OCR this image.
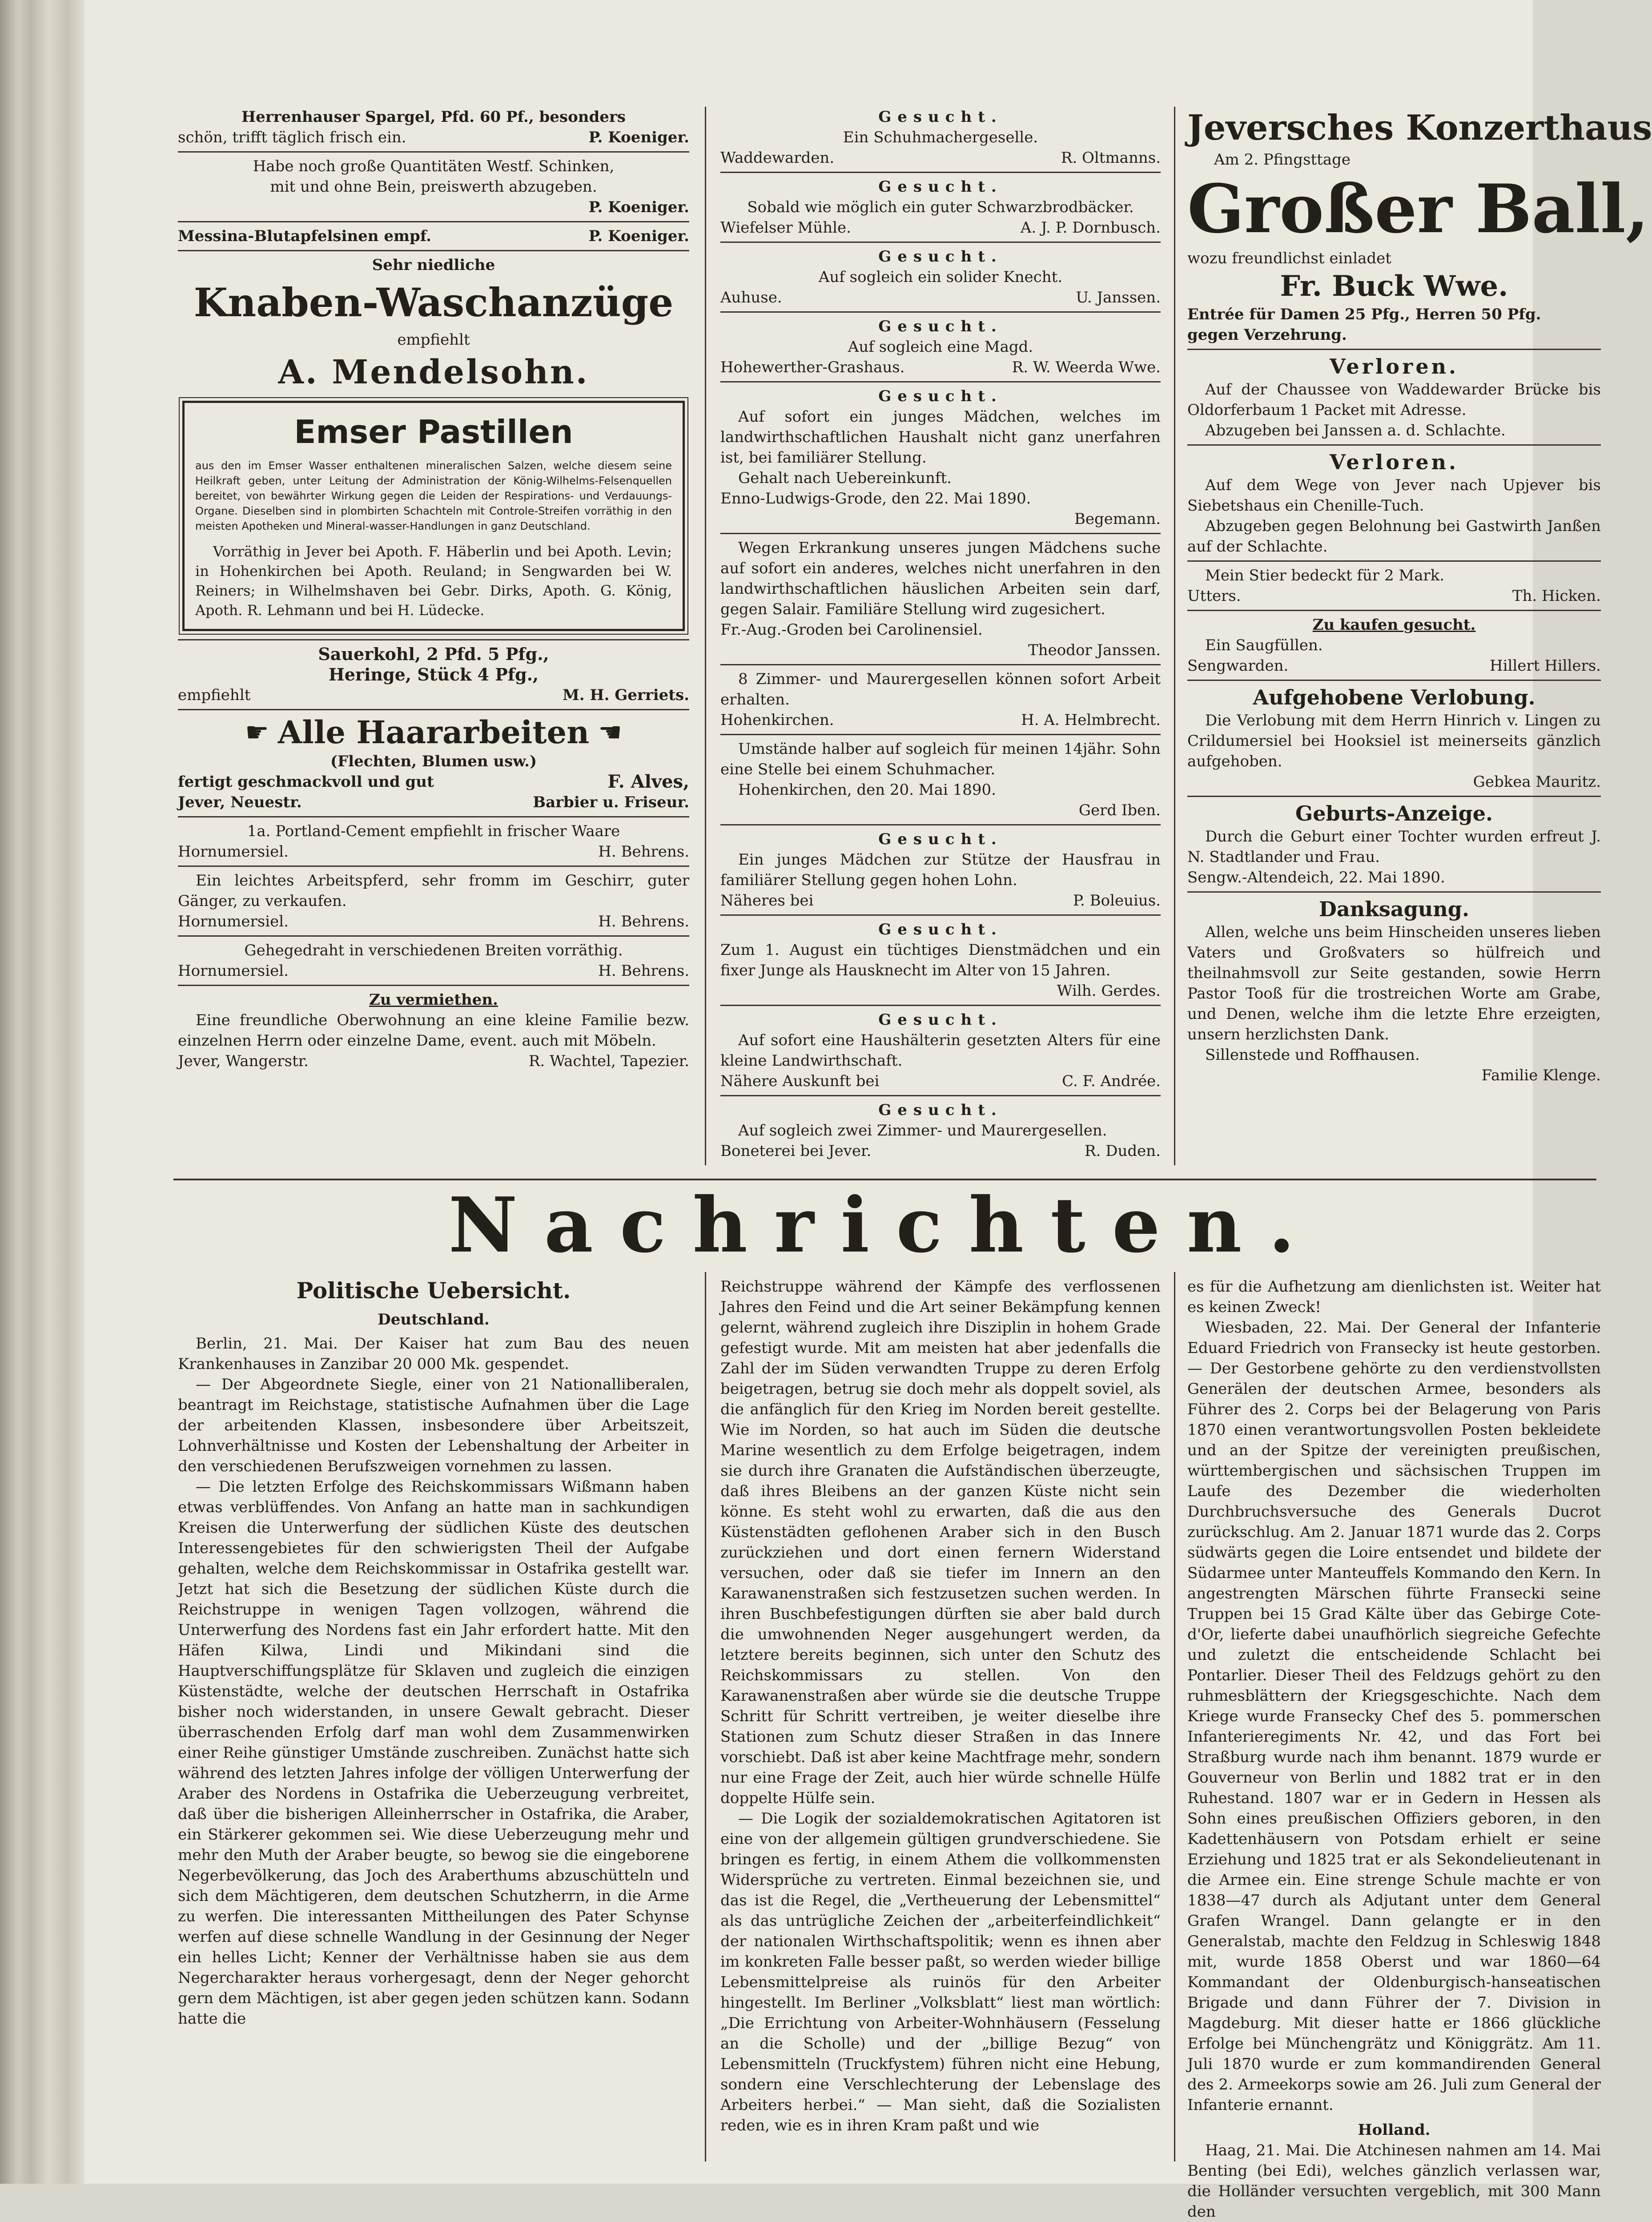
Herrenhauser Spargel, Pfd. 60 Pf., besonders

schön, trifft täglich frisch ein.	P. Koeniger.

Habe noch große Quantitäten Westf. Schinken,

mit und ohne Bein, preiswerth abzugeben.

P. Koeniger.

Messina-Blutapfelsinen empf.	P. Koeniger.

Sehr niedliche

Knaben-Waschanzüge

empfiehlt

A. Mendelsohn.

Emser Pastillen

aus den im Emser Wasser enthaltenen mineralischen Salzen, welche diesem seine Heilkraft geben, unter Leitung der Administration der König-Wilhelms-Felsenquellen bereitet, von bewährter Wirkung gegen die Leiden der Respirations- und Verdauungs-Organe. Dieselben sind in plombirten Schachteln mit Controle-Streifen vorräthig in den meisten Apotheken und Mineral-wasser-Handlungen in ganz Deutschland.

Vorräthig in Jever bei Apoth. F. Häberlin und bei Apoth. Levin; in Hohenkirchen bei Apoth. Reuland; in Sengwarden bei W. Reiners; in Wilhelmshaven bei Gebr. Dirks, Apoth. G. König, Apoth. R. Lehmann und bei H. Lüdecke.

Sauerkohl, 2 Pfd. 5 Pfg.,

Heringe, Stück 4 Pfg.,

empfiehlt	M. H. Gerriets.
☛ Alle Haararbeiten ☚

(Flechten, Blumen usw.)

fertigt geschmackvoll und gut	F. Alves,
Jever, Neuestr.	Barbier u. Friseur.

1a. Portland-Cement empfiehlt in frischer Waare

Hornumersiel.	H. Behrens.

Ein leichtes Arbeitspferd, sehr fromm im Geschirr, guter Gänger, zu verkaufen.

Hornumersiel.	H. Behrens.

Gehegedraht in verschiedenen Breiten vorräthig.

Hornumersiel.	H. Behrens.

Zu vermiethen.

Eine freundliche Oberwohnung an eine kleine Familie bezw. einzelnen Herrn oder einzelne Dame, event. auch mit Möbeln.

Jever, Wangerstr.	R. Wachtel, Tapezier.

Gesucht.

Ein Schuhmachergeselle.

Waddewarden.	R. Oltmanns.

Gesucht.

Sobald wie möglich ein guter Schwarzbrodbäcker.

Wiefelser Mühle.	A. J. P. Dornbusch.

Gesucht.

Auf sogleich ein solider Knecht.

Auhuse.	U. Janssen.

Gesucht.

Auf sogleich eine Magd.

Hohewerther-Grashaus.	R. W. Weerda Wwe.

Gesucht.

Auf sofort ein junges Mädchen, welches im landwirthschaftlichen Haushalt nicht ganz unerfahren ist, bei familiärer Stellung.

Gehalt nach Uebereinkunft.

Enno-Ludwigs-Grode, den 22. Mai 1890.

Begemann.

Wegen Erkrankung unseres jungen Mädchens suche auf sofort ein anderes, welches nicht unerfahren in den landwirthschaftlichen häuslichen Arbeiten sein darf, gegen Salair. Familiäre Stellung wird zugesichert.

Fr.-Aug.-Groden bei Carolinensiel.

Theodor Janssen.

8 Zimmer- und Maurergesellen können sofort Arbeit erhalten.

Hohenkirchen.	H. A. Helmbrecht.

Umstände halber auf sogleich für meinen 14jähr. Sohn eine Stelle bei einem Schuhmacher.

Hohenkirchen, den 20. Mai 1890.

Gerd Iben.

Gesucht.

Ein junges Mädchen zur Stütze der Hausfrau in familiärer Stellung gegen hohen Lohn.

Näheres bei	P. Boleuius.

Gesucht.

Zum 1. August ein tüchtiges Dienstmädchen und ein fixer Junge als Hausknecht im Alter von 15 Jahren.

Wilh. Gerdes.

Gesucht.

Auf sofort eine Haushälterin gesetzten Alters für eine kleine Landwirthschaft.

Nähere Auskunft bei	C. F. Andrée.

Gesucht.

Auf sogleich zwei Zimmer- und Maurergesellen.

Boneterei bei Jever.	R. Duden.

Jeversches Konzerthaus

Am 2. Pfingsttage

Großer Ball,

wozu freundlichst einladet

Fr. Buck Wwe.

Entrée für Damen 25 Pfg., Herren 50 Pfg.

gegen Verzehrung.

Verloren.

Auf der Chaussee von Waddewarder Brücke bis Oldorferbaum 1 Packet mit Adresse.

Abzugeben bei Janssen a. d. Schlachte.

Verloren.

Auf dem Wege von Jever nach Upjever bis Siebetshaus ein Chenille-Tuch.

Abzugeben gegen Belohnung bei Gastwirth Janßen auf der Schlachte.

Mein Stier bedeckt für 2 Mark.

Utters.	Th. Hicken.

Zu kaufen gesucht.

Ein Saugfüllen.

Sengwarden.	Hillert Hillers.

Aufgehobene Verlobung.

Die Verlobung mit dem Herrn Hinrich v. Lingen zu Crildumersiel bei Hooksiel ist meinerseits gänzlich aufgehoben.

Gebkea Mauritz.

Geburts-Anzeige.

Durch die Geburt einer Tochter wurden erfreut J. N. Stadtlander und Frau.

Sengw.-Altendeich, 22. Mai 1890.

Danksagung.

Allen, welche uns beim Hinscheiden unseres lieben Vaters und Großvaters so hülfreich und theilnahmsvoll zur Seite gestanden, sowie Herrn Pastor Tooß für die trostreichen Worte am Grabe, und Denen, welche ihm die letzte Ehre erzeigten, unsern herzlichsten Dank.

Sillenstede und Roffhausen.

Familie Klenge.

Nachrichten.

Politische Uebersicht.

Deutschland.

Berlin, 21. Mai. Der Kaiser hat zum Bau des neuen Krankenhauses in Zanzibar 20 000 Mk. gespendet.

— Der Abgeordnete Siegle, einer von 21 Nationalliberalen, beantragt im Reichstage, statistische Aufnahmen über die Lage der arbeitenden Klassen, insbesondere über Arbeitszeit, Lohnverhältnisse und Kosten der Lebenshaltung der Arbeiter in den verschiedenen Berufszweigen vornehmen zu lassen.

— Die letzten Erfolge des Reichskommissars Wißmann haben etwas verblüffendes. Von Anfang an hatte man in sachkundigen Kreisen die Unterwerfung der südlichen Küste des deutschen Interessengebietes für den schwierigsten Theil der Aufgabe gehalten, welche dem Reichskommissar in Ostafrika gestellt war. Jetzt hat sich die Besetzung der südlichen Küste durch die Reichstruppe in wenigen Tagen vollzogen, während die Unterwerfung des Nordens fast ein Jahr erfordert hatte. Mit den Häfen Kilwa, Lindi und Mikindani sind die Hauptverschiffungsplätze für Sklaven und zugleich die einzigen Küstenstädte, welche der deutschen Herrschaft in Ostafrika bisher noch widerstanden, in unsere Gewalt gebracht. Dieser überraschenden Erfolg darf man wohl dem Zusammenwirken einer Reihe günstiger Umstände zuschreiben. Zunächst hatte sich während des letzten Jahres infolge der völligen Unterwerfung der Araber des Nordens in Ostafrika die Ueberzeugung verbreitet, daß über die bisherigen Alleinherrscher in Ostafrika, die Araber, ein Stärkerer gekommen sei. Wie diese Ueberzeugung mehr und mehr den Muth der Araber beugte, so bewog sie die eingeborene Negerbevölkerung, das Joch des Araberthums abzuschütteln und sich dem Mächtigeren, dem deutschen Schutzherrn, in die Arme zu werfen. Die interessanten Mittheilungen des Pater Schynse werfen auf diese schnelle Wandlung in der Gesinnung der Neger ein helles Licht; Kenner der Verhältnisse haben sie aus dem Negercharakter heraus vorhergesagt, denn der Neger gehorcht gern dem Mächtigen, ist aber gegen jeden schützen kann. Sodann hatte die

Reichstruppe während der Kämpfe des verflossenen Jahres den Feind und die Art seiner Bekämpfung kennen gelernt, während zugleich ihre Disziplin in hohem Grade gefestigt wurde. Mit am meisten hat aber jedenfalls die Zahl der im Süden verwandten Truppe zu deren Erfolg beigetragen, betrug sie doch mehr als doppelt soviel, als die anfänglich für den Krieg im Norden bereit gestellte. Wie im Norden, so hat auch im Süden die deutsche Marine wesentlich zu dem Erfolge beigetragen, indem sie durch ihre Granaten die Aufständischen überzeugte, daß ihres Bleibens an der ganzen Küste nicht sein könne. Es steht wohl zu erwarten, daß die aus den Küstenstädten geflohenen Araber sich in den Busch zurückziehen und dort einen fernern Widerstand versuchen, oder daß sie tiefer im Innern an den Karawanenstraßen sich festzusetzen suchen werden. In ihren Buschbefestigungen dürften sie aber bald durch die umwohnenden Neger ausgehungert werden, da letztere bereits beginnen, sich unter den Schutz des Reichskommissars zu stellen. Von den Karawanenstraßen aber würde sie die deutsche Truppe Schritt für Schritt vertreiben, je weiter dieselbe ihre Stationen zum Schutz dieser Straßen in das Innere vorschiebt. Daß ist aber keine Machtfrage mehr, sondern nur eine Frage der Zeit, auch hier würde schnelle Hülfe doppelte Hülfe sein.

— Die Logik der sozialdemokratischen Agitatoren ist eine von der allgemein gültigen grundverschiedene. Sie bringen es fertig, in einem Athem die vollkommensten Widersprüche zu vertreten. Einmal bezeichnen sie, und das ist die Regel, die „Vertheuerung der Lebensmittel“ als das untrügliche Zeichen der „arbeiterfeindlichkeit“ der nationalen Wirthschaftspolitik; wenn es ihnen aber im konkreten Falle besser paßt, so werden wieder billige Lebensmittelpreise als ruinös für den Arbeiter hingestellt. Im Berliner „Volksblatt“ liest man wörtlich: „Die Errichtung von Arbeiter-Wohnhäusern (Fesselung an die Scholle) und der „billige Bezug“ von Lebensmitteln (Truckfystem) führen nicht eine Hebung, sondern eine Verschlechterung der Lebenslage des Arbeiters herbei.“ — Man sieht, daß die Sozialisten reden, wie es in ihren Kram paßt und wie

es für die Aufhetzung am dienlichsten ist. Weiter hat es keinen Zweck!

Wiesbaden, 22. Mai. Der General der Infanterie Eduard Friedrich von Fransecky ist heute gestorben. — Der Gestorbene gehörte zu den verdienstvollsten Generälen der deutschen Armee, besonders als Führer des 2. Corps bei der Belagerung von Paris 1870 einen verantwortungsvollen Posten bekleidete und an der Spitze der vereinigten preußischen, württembergischen und sächsischen Truppen im Laufe des Dezember die wiederholten Durchbruchsversuche des Generals Ducrot zurückschlug. Am 2. Januar 1871 wurde das 2. Corps südwärts gegen die Loire entsendet und bildete der Südarmee unter Manteuffels Kommando den Kern. In angestrengten Märschen führte Fransecki seine Truppen bei 15 Grad Kälte über das Gebirge Cote-d'Or, lieferte dabei unaufhörlich siegreiche Gefechte und zuletzt die entscheidende Schlacht bei Pontarlier. Dieser Theil des Feldzugs gehört zu den ruhmesblättern der Kriegsgeschichte. Nach dem Kriege wurde Fransecky Chef des 5. pommerschen Infanterieregiments Nr. 42, und das Fort bei Straßburg wurde nach ihm benannt. 1879 wurde er Gouverneur von Berlin und 1882 trat er in den Ruhestand. 1807 war er in Gedern in Hessen als Sohn eines preußischen Offiziers geboren, in den Kadettenhäusern von Potsdam erhielt er seine Erziehung und 1825 trat er als Sekondelieutenant in die Armee ein. Eine strenge Schule machte er von 1838—47 durch als Adjutant unter dem General Grafen Wrangel. Dann gelangte er in den Generalstab, machte den Feldzug in Schleswig 1848 mit, wurde 1858 Oberst und war 1860—64 Kommandant der Oldenburgisch-hanseatischen Brigade und dann Führer der 7. Division in Magdeburg. Mit dieser hatte er 1866 glückliche Erfolge bei Münchengrätz und Königgrätz. Am 11. Juli 1870 wurde er zum kommandirenden General des 2. Armeekorps sowie am 26. Juli zum General der Infanterie ernannt.

Holland.

Haag, 21. Mai. Die Atchinesen nahmen am 14. Mai Benting (bei Edi), welches gänzlich verlassen war, die Holländer versuchten vergeblich, mit 300 Mann den
